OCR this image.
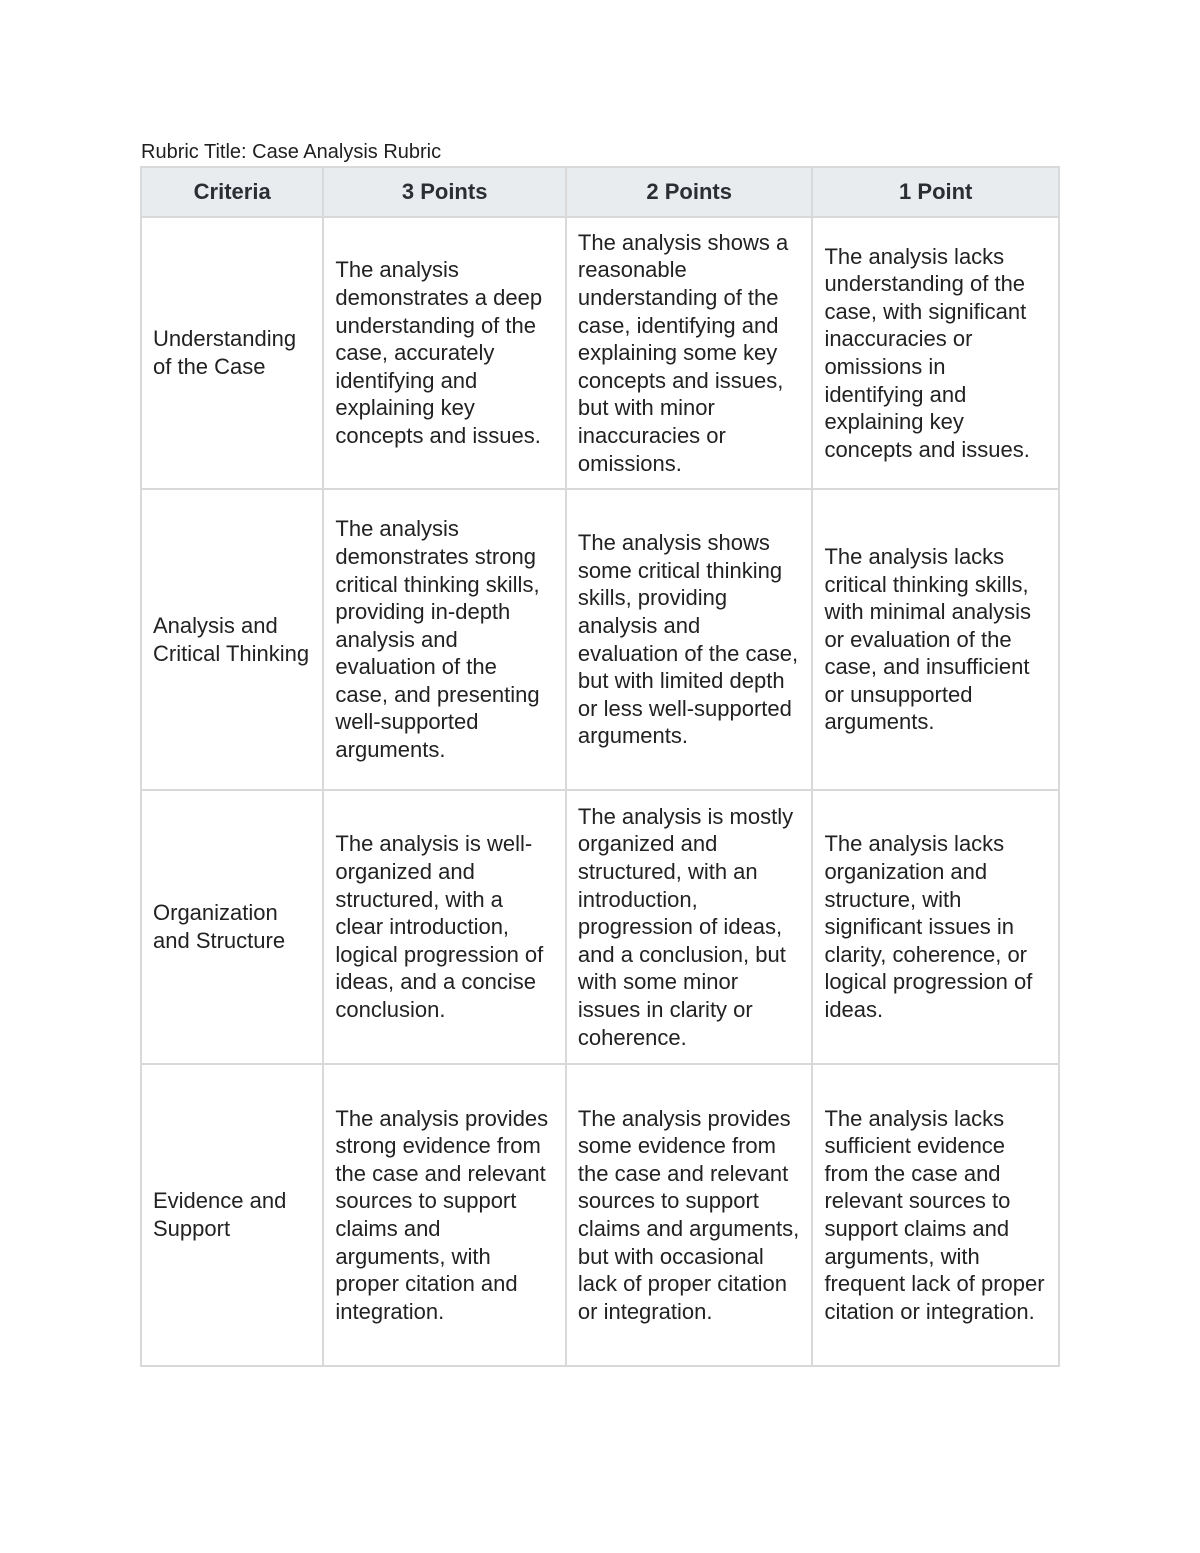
Rubric Title: Case Analysis Rubric
Criteria	3 Points	2 Points	1 Point
Understanding of the Case	The analysis demonstrates a deep understanding of the case, accurately identifying and explaining key concepts and issues.	The analysis shows a reasonable understanding of the case, identifying and explaining some key concepts and issues, but with minor inaccuracies or omissions.	The analysis lacks understanding of the case, with significant inaccuracies or omissions in identifying and explaining key concepts and issues.
Analysis and Critical Thinking	The analysis demonstrates strong critical thinking skills, providing in-depth analysis and evaluation of the case, and presenting well-supported arguments.	The analysis shows some critical thinking skills, providing analysis and evaluation of the case, but with limited depth or less well-supported arguments.	The analysis lacks critical thinking skills, with minimal analysis or evaluation of the case, and insufficient or unsupported arguments.
Organization and Structure	The analysis is well-organized and structured, with a clear introduction, logical progression of ideas, and a concise conclusion.	The analysis is mostly organized and structured, with an introduction, progression of ideas, and a conclusion, but with some minor issues in clarity or coherence.	The analysis lacks organization and structure, with significant issues in clarity, coherence, or logical progression of ideas.
Evidence and Support	The analysis provides strong evidence from the case and relevant sources to support claims and arguments, with proper citation and integration.	The analysis provides some evidence from the case and relevant sources to support claims and arguments, but with occasional lack of proper citation or integration.	The analysis lacks sufficient evidence from the case and relevant sources to support claims and arguments, with frequent lack of proper citation or integration.
